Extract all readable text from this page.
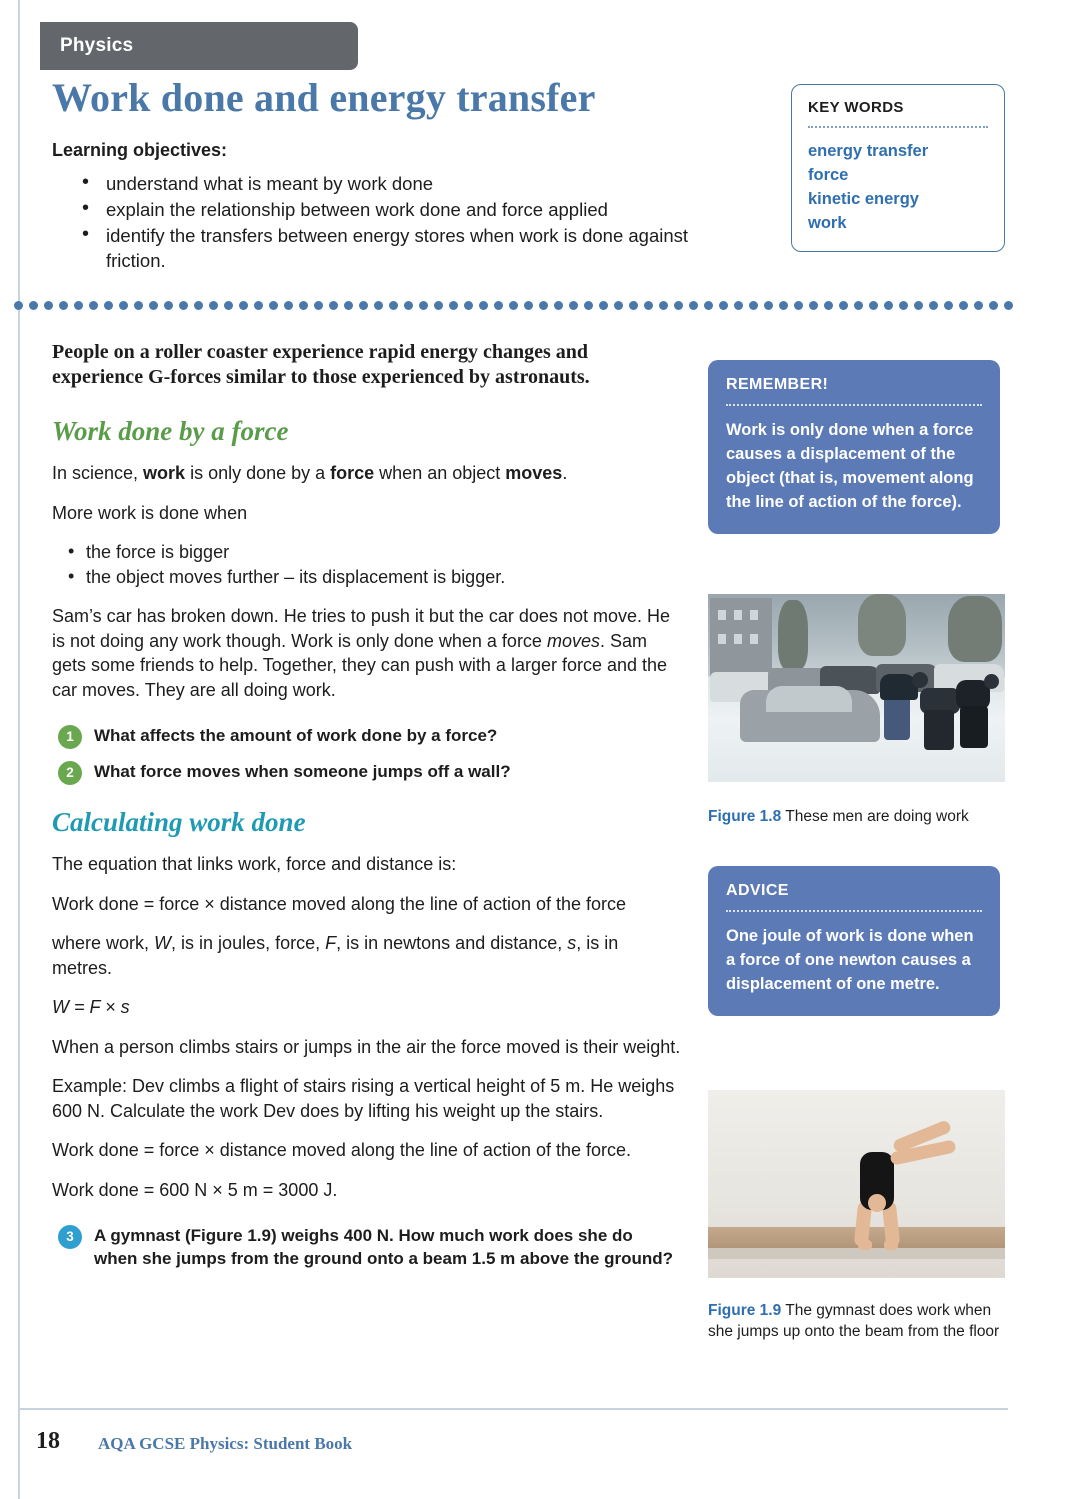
Physics
Work done and energy transfer
Learning objectives:
• understand what is meant by work done
• explain the relationship between work done and force applied
• identify the transfers between energy stores when work is done against friction.
KEY WORDS
energy transfer
force
kinetic energy
work

People on a roller coaster experience rapid energy changes and experience G-forces similar to those experienced by astronauts.

Work done by a force

In science, work is only done by a force when an object moves.

More work is done when

• the force is bigger
• the object moves further – its displacement is bigger.

Sam’s car has broken down. He tries to push it but the car does not move. He is not doing any work though. Work is only done when a force moves. Sam gets some friends to help. Together, they can push with a larger force and the car moves. They are all doing work.

1	What affects the amount of work done by a force?
2	What force moves when someone jumps off a wall?
Calculating work done

The equation that links work, force and distance is:

Work done = force × distance moved along the line of action of the force

where work, W, is in joules, force, F, is in newtons and distance, s, is in metres.

W = F × s

When a person climbs stairs or jumps in the air the force moved is their weight.

Example: Dev climbs a flight of stairs rising a vertical height of 5 m. He weighs 600 N. Calculate the work Dev does by lifting his weight up the stairs.

Work done = force × distance moved along the line of action of the force.

Work done = 600 N × 5 m = 3000 J.

3	A gymnast (Figure 1.9) weighs 400 N. How much work does she do when she jumps from the ground onto a beam 1.5 m above the ground?
REMEMBER!
Work is only done when a force causes a displacement of the object (that is, movement along the line of action of the force).
Figure 1.8 These men are doing work
ADVICE
One joule of work is done when a force of one newton causes a displacement of one metre.
Figure 1.9 The gymnast does work when she jumps up onto the beam from the floor
18 AQA GCSE Physics: Student Book
